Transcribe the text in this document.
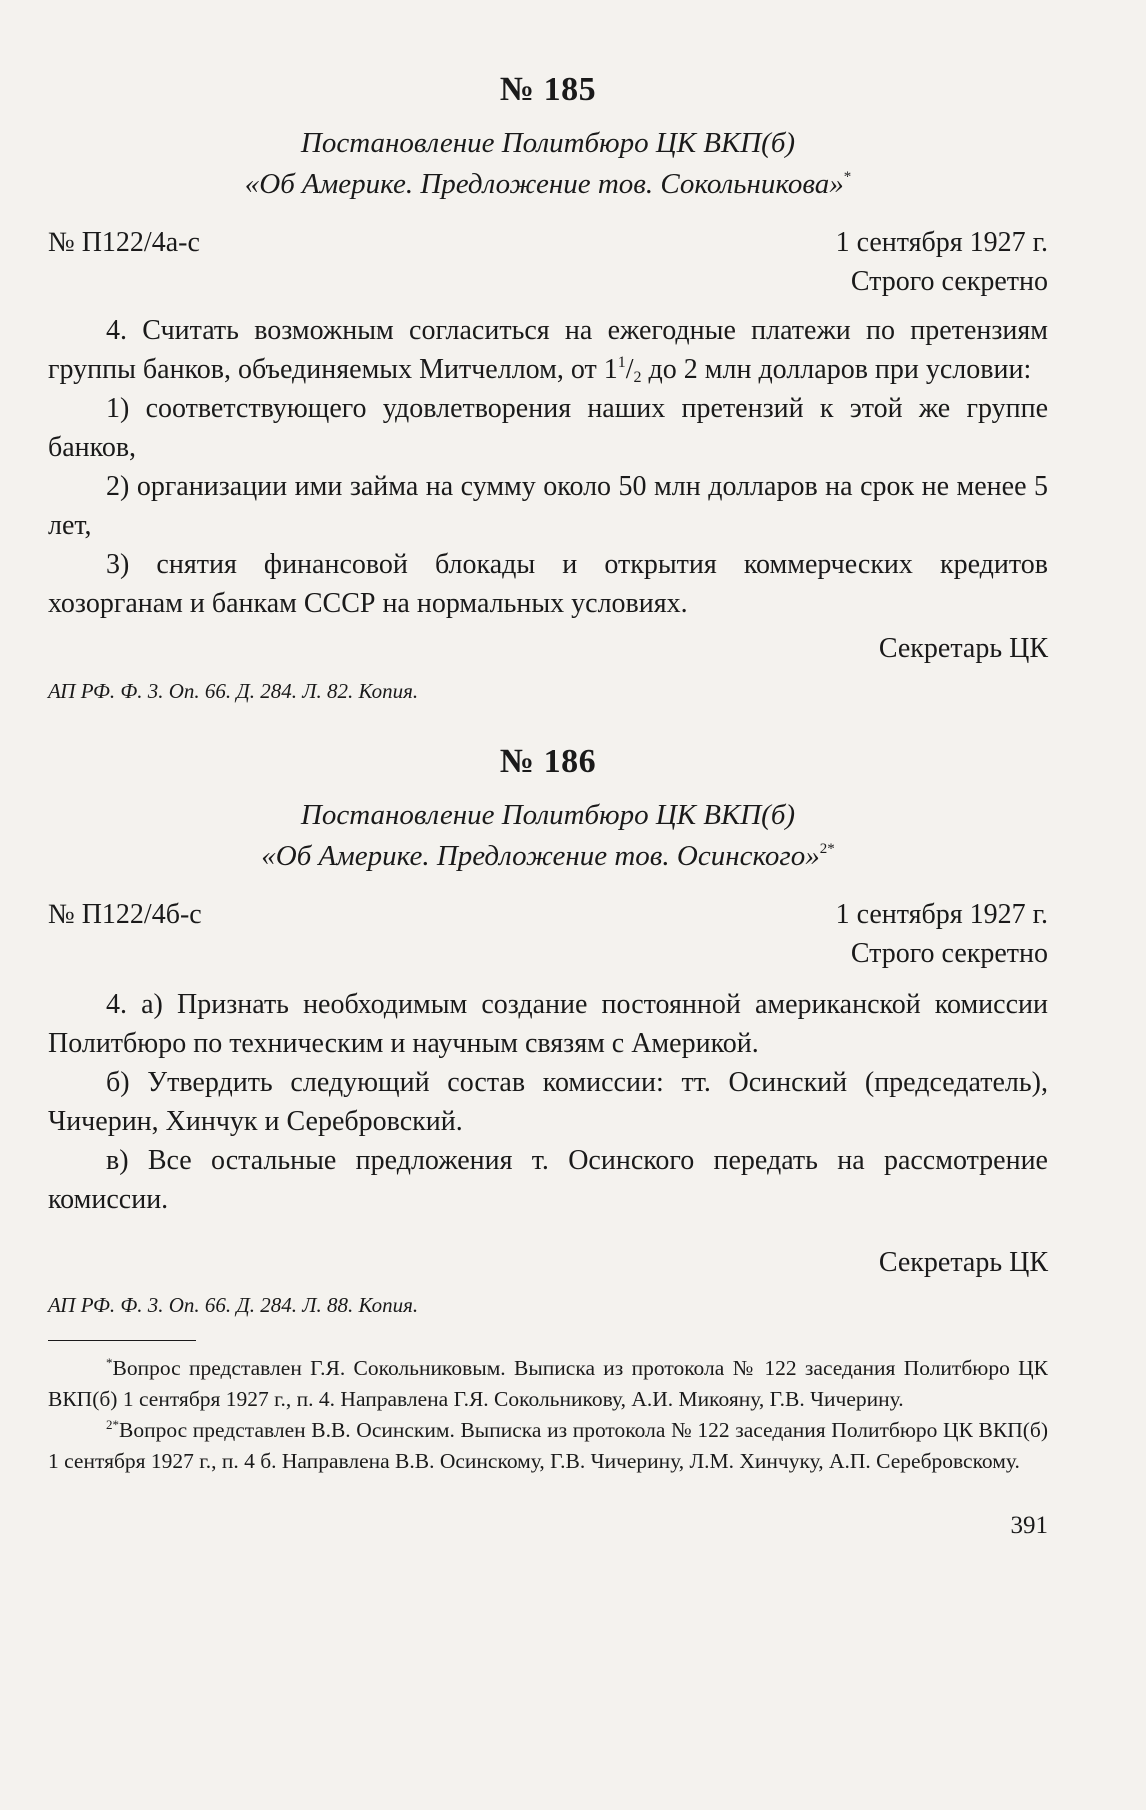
№ 185
Постановление Политбюро ЦК ВКП(б)
«Об Америке. Предложение тов. Сокольникова»*
№ П122/4а-с	1 сентября 1927 г.
Строго секретно

4. Считать возможным согласиться на ежегодные платежи по претензиям группы банков, объединяемых Митчеллом, от $1^1/_2$ до 2 млн долларов при условии:

1) соответствующего удовлетворения наших претензий к этой же группе банков,

2) организации ими займа на сумму около 50 млн долларов на срок не менее 5 лет,

3) снятия финансовой блокады и открытия коммерческих кредитов хозорганам и банкам СССР на нормальных условиях.

Секретарь ЦК
АП РФ. Ф. 3. Оп. 66. Д. 284. Л. 82. Копия.
№ 186
Постановление Политбюро ЦК ВКП(б)
«Об Америке. Предложение тов. Осинского»$^{2*}$
№ П122/4б-с	1 сентября 1927 г.
Строго секретно

4. а) Признать необходимым создание постоянной американской комиссии Политбюро по техническим и научным связям с Америкой.

б) Утвердить следующий состав комиссии: тт. Осинский (председатель), Чичерин, Хинчук и Серебровский.

в) Все остальные предложения т. Осинского передать на рассмотрение комиссии.

Секретарь ЦК
АП РФ. Ф. 3. Оп. 66. Д. 284. Л. 88. Копия.

*Вопрос представлен Г.Я. Сокольниковым. Выписка из протокола № 122 заседания Политбюро ЦК ВКП(б) 1 сентября 1927 г., п. 4. Направлена Г.Я. Сокольникову, А.И. Микояну, Г.В. Чичерину.

$^{2*}$Вопрос представлен В.В. Осинским. Выписка из протокола № 122 заседания Политбюро ЦК ВКП(б) 1 сентября 1927 г., п. 4 б. Направлена В.В. Осинскому, Г.В. Чичерину, Л.М. Хинчуку, А.П. Серебровскому.

391
